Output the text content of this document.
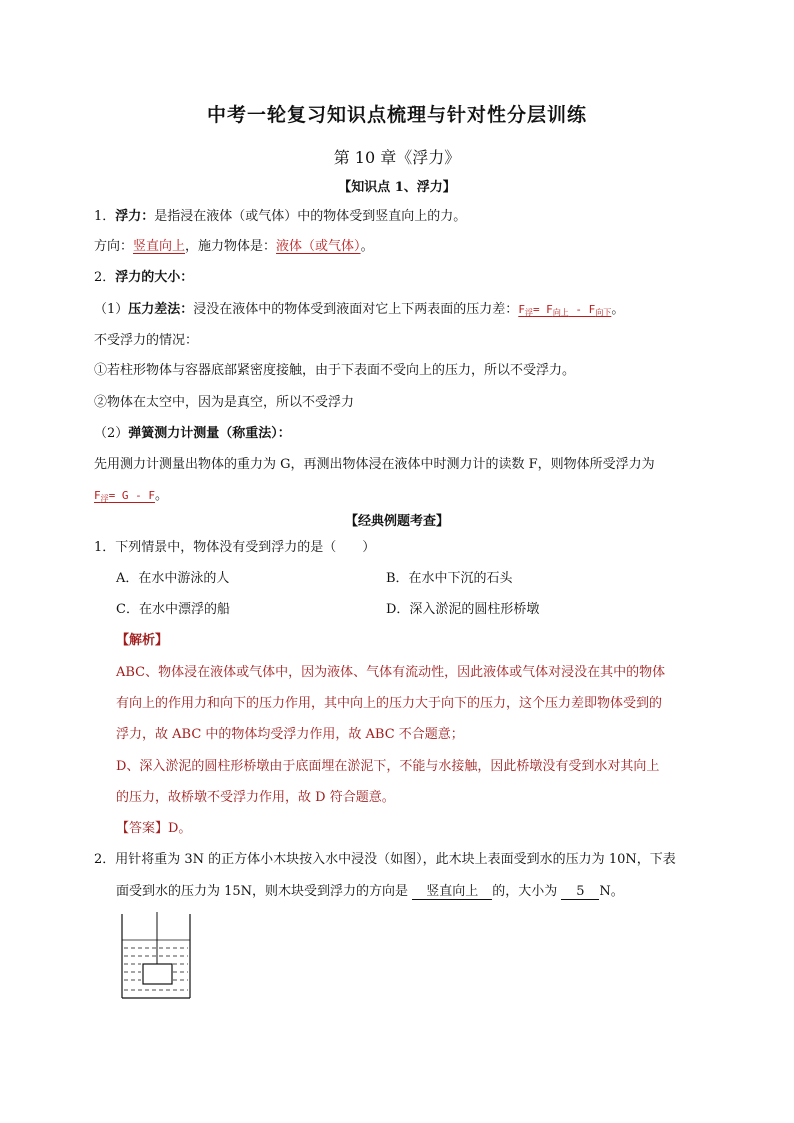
中考一轮复习知识点梳理与针对性分层训练
第 10 章《浮力》
【知识点 1、浮力】
1．浮力：是指浸在液体（或气体）中的物体受到竖直向上的力。
方向：竖直向上，施力物体是：液体（或气体）。
2．浮力的大小：
（1）压力差法：浸没在液体中的物体受到液面对它上下两表面的压力差：$F_浮= F_{向上} - F_{向下}$。
不受浮力的情况：
①若柱形物体与容器底部紧密度接触，由于下表面不受向上的压力，所以不受浮力。
②物体在太空中，因为是真空，所以不受浮力
（2）弹簧测力计测量（称重法）：
先用测力计测量出物体的重力为 G，再测出物体浸在液体中时测力计的读数 F，则物体所受浮力为
$F_浮= G - F$。
【经典例题考查】
1．下列情景中，物体没有受到浮力的是（　　）
A．在水中游泳的人	B．在水中下沉的石头
C．在水中漂浮的船	D．深入淤泥的圆柱形桥墩
【解析】
ABC、物体浸在液体或气体中，因为液体、气体有流动性，因此液体或气体对浸没在其中的物体
有向上的作用力和向下的压力作用，其中向上的压力大于向下的压力，这个压力差即物体受到的
浮力，故 ABC 中的物体均受浮力作用，故 ABC 不合题意；
D、深入淤泥的圆柱形桥墩由于底面埋在淤泥下，不能与水接触，因此桥墩没有受到水对其向上
的压力，故桥墩不受浮力作用，故 D 符合题意。
【答案】D。
2．用针将重为 3N 的正方体小木块按入水中浸没（如图），此木块上表面受到水的压力为 10N，下表
面受到水的压力为 15N，则木块受到浮力的方向是 竖直向上 的，大小为 5 N。
